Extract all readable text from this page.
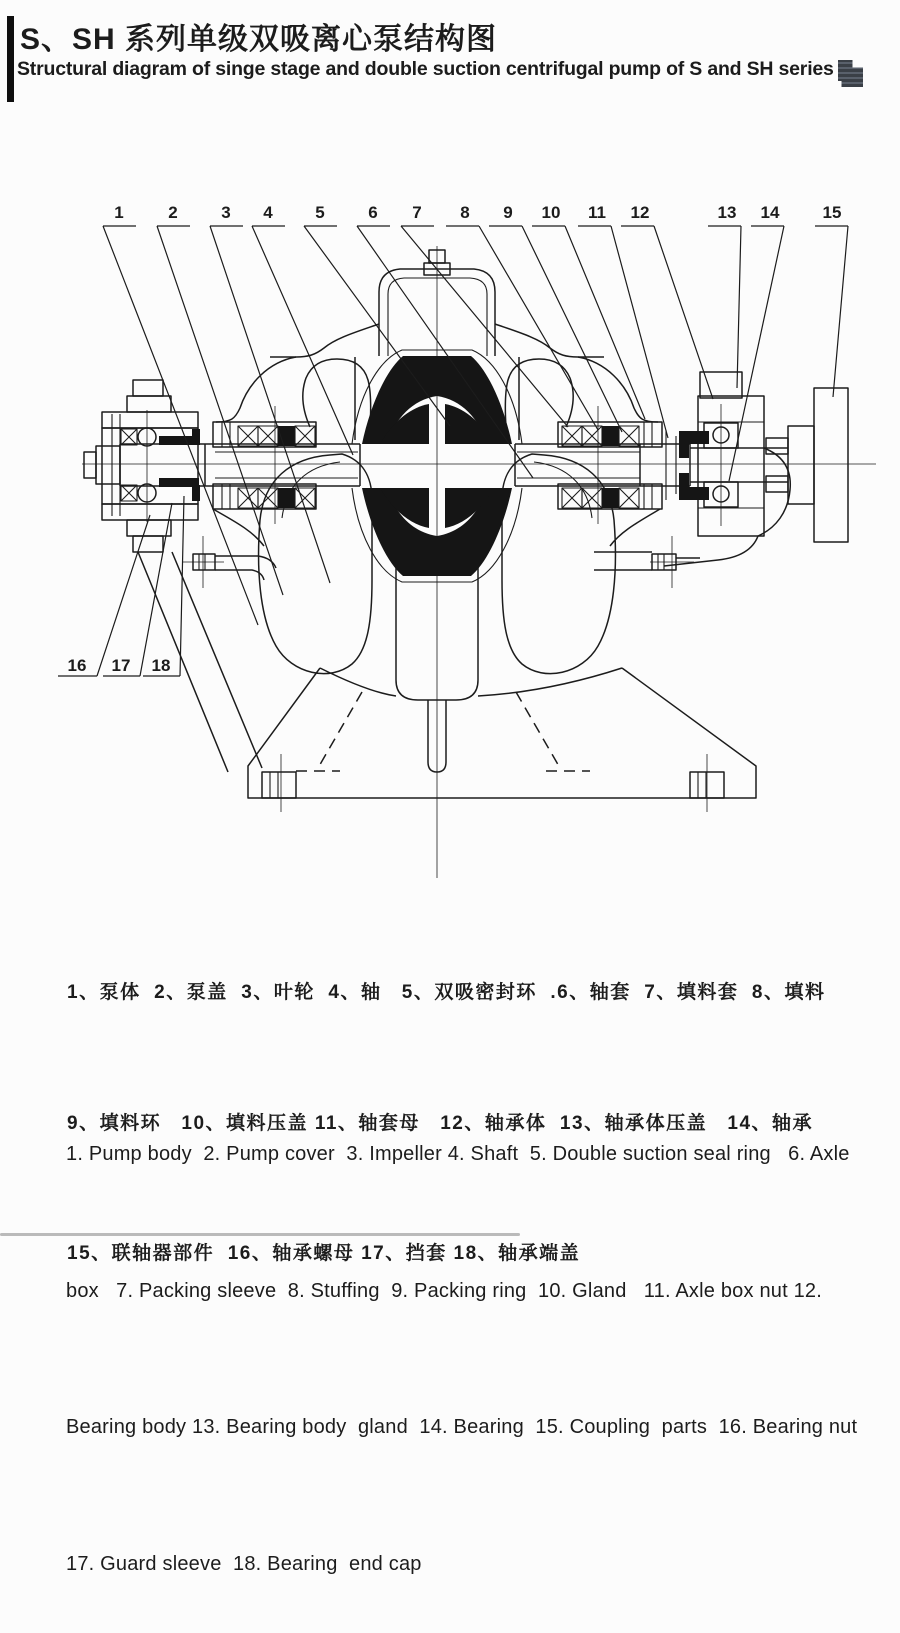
S、SH 系列单级双吸离心泵结构图
Structural diagram of singe stage and double suction centrifugal pump of S and SH series
1	2	3 4	5	6 7 8 9 10 11 12	13 14	15
16 17 18

1、泵体  2、泵盖  3、叶轮  4、轴   5、双吸密封环  .6、轴套  7、填料套  8、填料

9、填料环   10、填料压盖 11、轴套母   12、轴承体  13、轴承体压盖   14、轴承

15、联轴器部件  16、轴承螺母 17、挡套 18、轴承端盖

1. Pump body  2. Pump cover  3. Impeller 4. Shaft  5. Double suction seal ring   6. Axle

box   7. Packing sleeve  8. Stuffing  9. Packing ring  10. Gland   11. Axle box nut 12.

Bearing body 13. Bearing body  gland  14. Bearing  15. Coupling  parts  16. Bearing nut

17. Guard sleeve  18. Bearing  end cap
